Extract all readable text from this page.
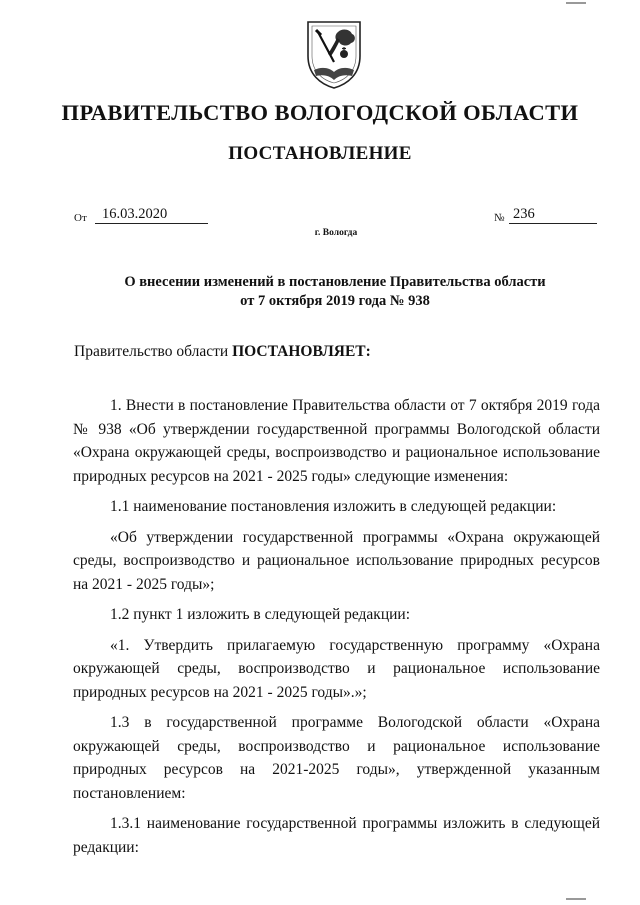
ПРАВИТЕЛЬСТВО ВОЛОГОДСКОЙ ОБЛАСТИ
ПОСТАНОВЛЕНИЕ
От	16.03.2020	№ 236
г. Вологда
О внесении изменений в постановление Правительства области
от 7 октября 2019 года № 938
Правительство области ПОСТАНОВЛЯЕТ:

1. Внести в постановление Правительства области от 7 октября 2019 года № 938 «Об утверждении государственной программы Вологодской области «Охрана окружающей среды, воспроизводство и рациональное использование природных ресурсов на 2021 - 2025 годы» следующие изменения:

1.1 наименование постановления изложить в следующей редакции:

«Об утверждении государственной программы «Охрана окружающей среды, воспроизводство и рациональное использование природных ресурсов на 2021 - 2025 годы»;

1.2 пункт 1 изложить в следующей редакции:

«1. Утвердить прилагаемую государственную программу «Охрана окружающей среды, воспроизводство и рациональное использование природных ресурсов на 2021 - 2025 годы».»;

1.3 в государственной программе Вологодской области «Охрана окружающей среды, воспроизводство и рациональное использование природных ресурсов на 2021-2025 годы», утвержденной указанным постановлением:

1.3.1 наименование государственной программы изложить в следующей редакции:
